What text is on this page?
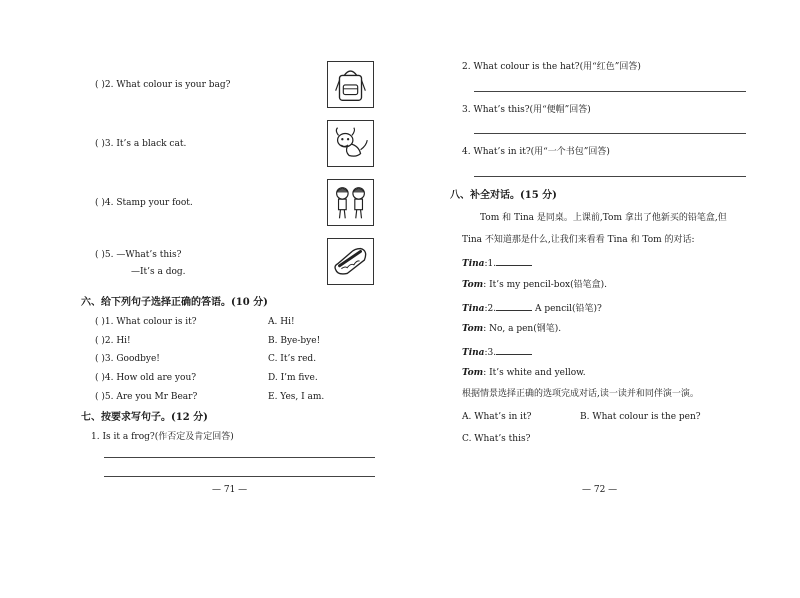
( )2. What colour is your bag?
( )3. It’s a black cat.
( )4. Stamp your foot.
( )5. —What’s this?
—It’s a dog.
六、给下列句子选择正确的答语。(10 分)
( )1. What colour is it?	A. Hi!
( )2. Hi!	B. Bye-bye!
( )3. Goodbye!	C. It’s red.
( )4. How old are you?	D. I’m five.
( )5. Are you Mr Bear?	E. Yes, I am.
七、按要求写句子。(12 分)
1. Is it a frog?(作否定及肯定回答)
— 71 —
2. What colour is the hat?(用“红色”回答)
3. What’s this?(用“便帽”回答)
4. What’s in it?(用“一个书包”回答)
八、补全对话。(15 分)
Tom 和 Tina 是同桌。上课前,Tom 拿出了他新买的铅笔盒,但
Tina 不知道那是什么,让我们来看看 Tina 和 Tom 的对话:
Tina:1.
Tom: It’s my pencil-box(铅笔盒).
Tina:2.	A pencil(铅笔)?
Tom: No, a pen(钢笔).
Tina:3.
Tom: It’s white and yellow.
根据情景选择正确的选项完成对话,读一读并和同伴演一演。
A. What’s in it?	B. What colour is the pen?
C. What’s this?
— 72 —
